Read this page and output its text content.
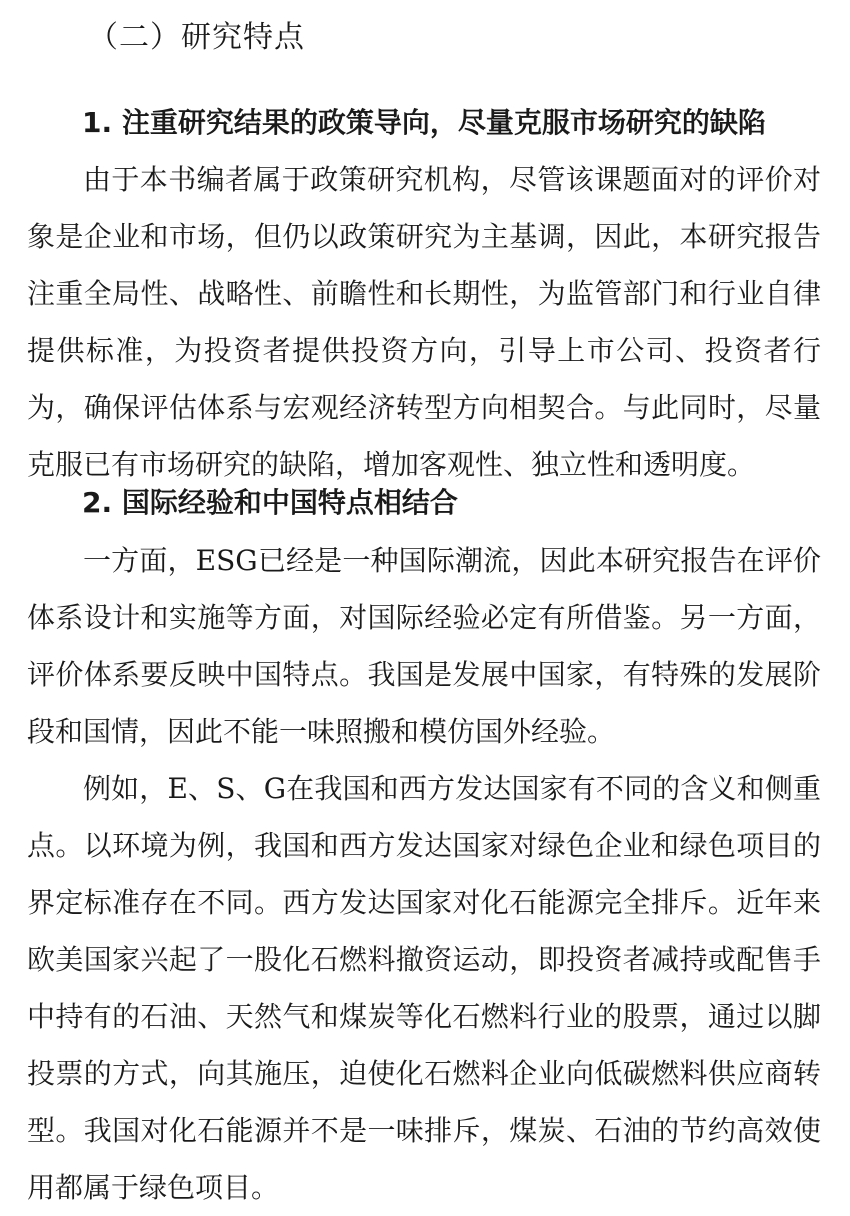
（二）研究特点
1. 注重研究结果的政策导向，尽量克服市场研究的缺陷

由于本书编者属于政策研究机构，尽管该课题面对的评价对象是企业和市场，但仍以政策研究为主基调，因此，本研究报告注重全局性、战略性、前瞻性和长期性，为监管部门和行业自律提供标准，为投资者提供投资方向，引导上市公司、投资者行为，确保评估体系与宏观经济转型方向相契合。与此同时，尽量克服已有市场研究的缺陷，增加客观性、独立性和透明度。

2. 国际经验和中国特点相结合

一方面，ESG已经是一种国际潮流，因此本研究报告在评价体系设计和实施等方面，对国际经验必定有所借鉴。另一方面，评价体系要反映中国特点。我国是发展中国家，有特殊的发展阶段和国情，因此不能一味照搬和模仿国外经验。

例如，E、S、G在我国和西方发达国家有不同的含义和侧重点。以环境为例，我国和西方发达国家对绿色企业和绿色项目的界定标准存在不同。西方发达国家对化石能源完全排斥。近年来欧美国家兴起了一股化石燃料撤资运动，即投资者减持或配售手中持有的石油、天然气和煤炭等化石燃料行业的股票，通过以脚投票的方式，向其施压，迫使化石燃料企业向低碳燃料供应商转型。我国对化石能源并不是一味排斥，煤炭、石油的节约高效使用都属于绿色项目。
